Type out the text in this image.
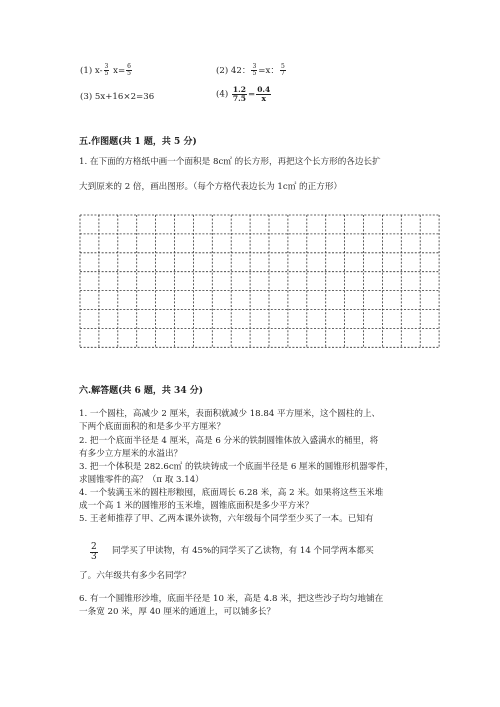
(1) $x- \frac{3}{5} x= \frac{6}{5}$	(2) 42： $\frac{3}{5} =x$： $\frac{5}{7}$
(3) 5x+16×2=36	$(4) \frac{1.2}{7.5} = \frac{0.4}{x}$
五.作图题(共 1 题，共 5 分)
1. 在下面的方格纸中画一个面积是 8c㎡ 的长方形，再把这个长方形的各边长扩
大到原来的 2 倍，画出图形。（每个方格代表边长为 1c㎡ 的正方形）
六.解答题(共 6 题，共 34 分)
1. 一个圆柱，高减少 2 厘米，表面积就减少 18.84 平方厘米，这个圆柱的上、
下两个底面面积的和是多少平方厘米？
2. 把一个底面半径是 4 厘米，高是 6 分米的铁制圆锥体放入盛满水的桶里，将
有多少立方厘米的水溢出？
3. 把一个体积是 282.6c㎡ 的铁块铸成一个底面半径是 6 厘米的圆锥形机器零件，
求圆锥零件的高？（π 取 3.14）
4. 一个装满玉米的圆柱形粮囤，底面周长 6.28 米，高 2 米。如果将这些玉米堆
成一个高 1 米的圆锥形的玉米堆，圆锥底面积是多少平方米？
5. 王老师推荐了甲、乙两本课外读物，六年级每个同学至少买了一本。已知有
$\frac{2}{3}$ 同学买了甲读物，有 45%的同学买了乙读物，有 14 个同学两本都买
了。六年级共有多少名同学？
6. 有一个圆锥形沙堆，底面半径是 10 米，高是 4.8 米，把这些沙子均匀地铺在
一条宽 20 米，厚 40 厘米的通道上，可以铺多长？
